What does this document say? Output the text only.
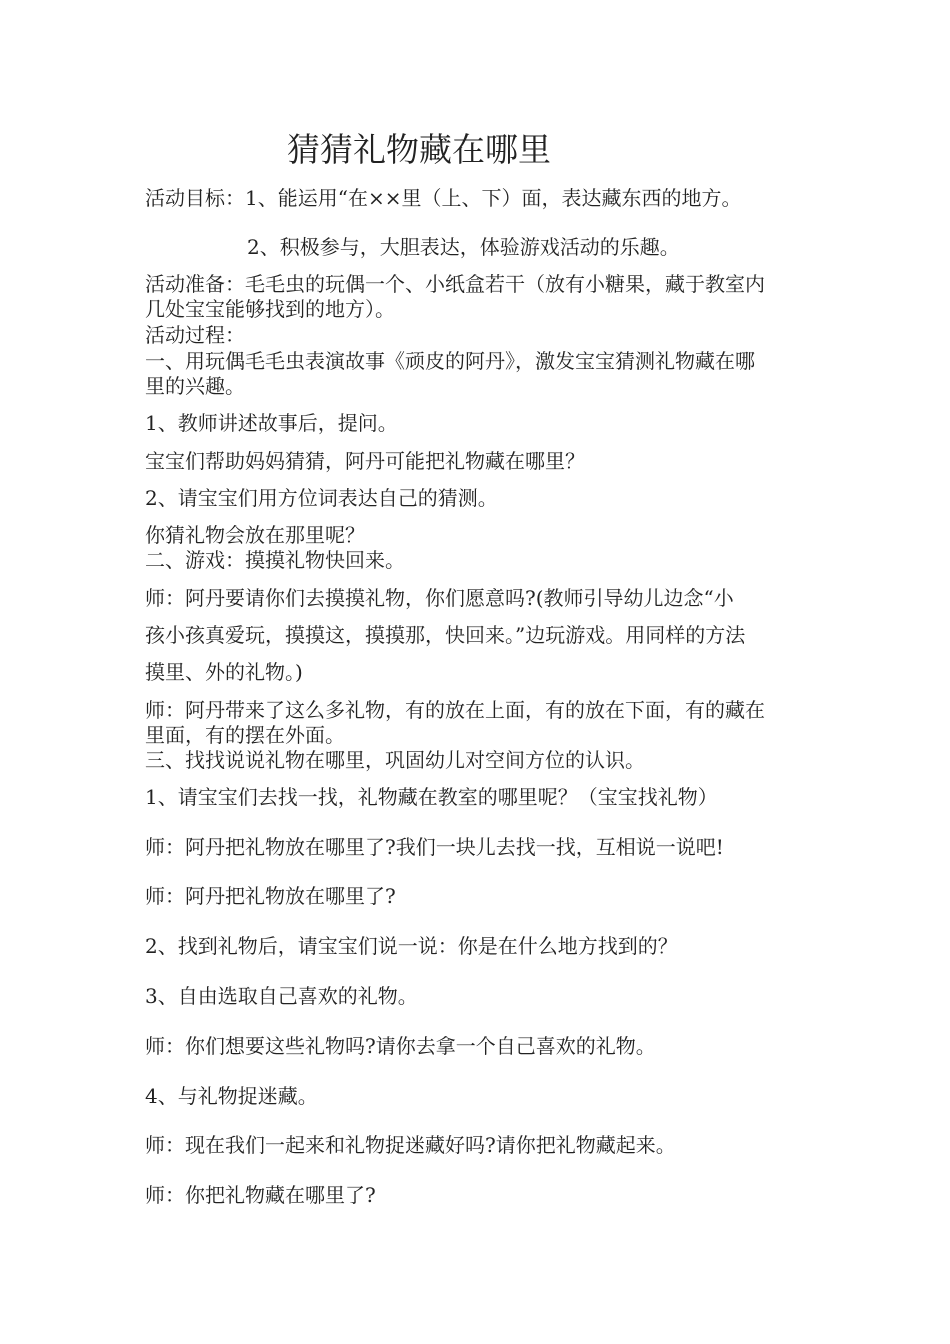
猜猜礼物藏在哪里
活动目标：1、能运用“在××里（上、下）面，表达藏东西的地方。
2、积极参与，大胆表达，体验游戏活动的乐趣。
活动准备：毛毛虫的玩偶一个、小纸盒若干（放有小糖果，藏于教室内
几处宝宝能够找到的地方）。
活动过程：
一、用玩偶毛毛虫表演故事《顽皮的阿丹》，激发宝宝猜测礼物藏在哪
里的兴趣。
1、教师讲述故事后，提问。
宝宝们帮助妈妈猜猜，阿丹可能把礼物藏在哪里？
2、请宝宝们用方位词表达自己的猜测。
你猜礼物会放在那里呢？
二、游戏：摸摸礼物快回来。
师：阿丹要请你们去摸摸礼物，你们愿意吗?(教师引导幼儿边念“小
孩小孩真爱玩，摸摸这，摸摸那，快回来。”边玩游戏。用同样的方法
摸里、外的礼物。)
师：阿丹带来了这么多礼物，有的放在上面，有的放在下面，有的藏在
里面，有的摆在外面。
三、找找说说礼物在哪里，巩固幼儿对空间方位的认识。
1、请宝宝们去找一找，礼物藏在教室的哪里呢？（宝宝找礼物）
师：阿丹把礼物放在哪里了?我们一块儿去找一找，互相说一说吧!
师：阿丹把礼物放在哪里了?
2、找到礼物后，请宝宝们说一说：你是在什么地方找到的？
3、自由选取自己喜欢的礼物。
师：你们想要这些礼物吗?请你去拿一个自己喜欢的礼物。
4、与礼物捉迷藏。
师：现在我们一起来和礼物捉迷藏好吗?请你把礼物藏起来。
师：你把礼物藏在哪里了?
